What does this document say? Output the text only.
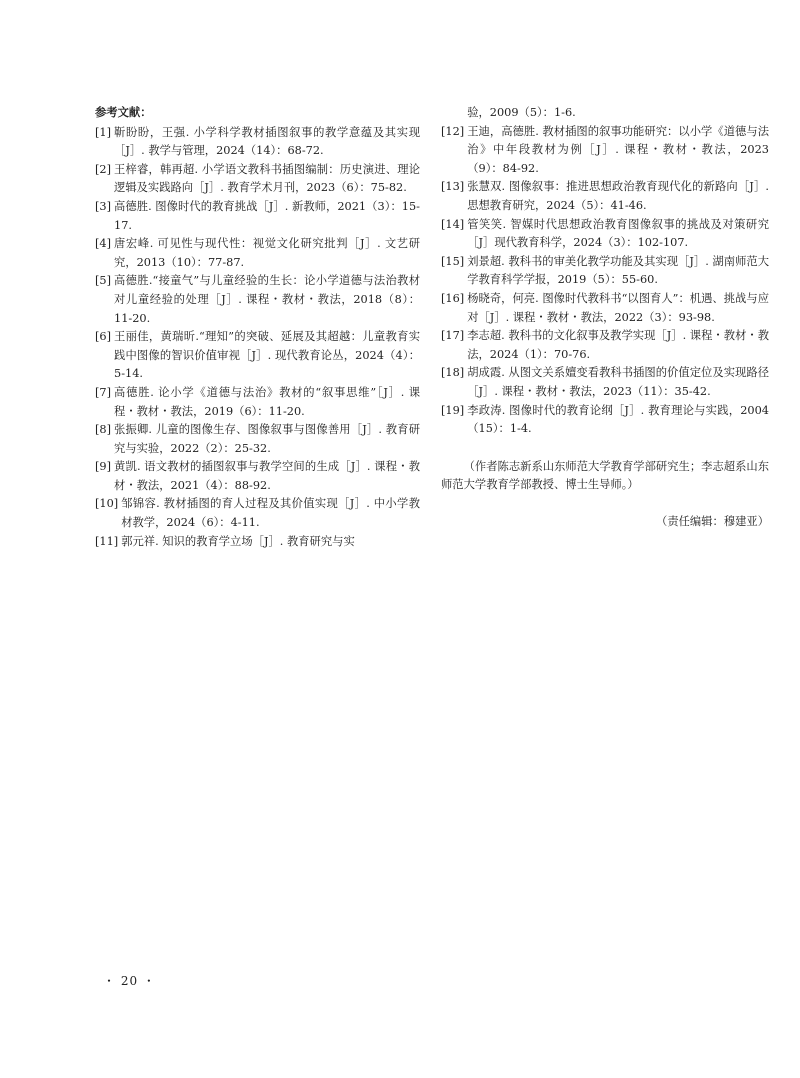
参考文献：
[1] 靳盼盼，王强. 小学科学教材插图叙事的教学意蕴及其实现［J］. 教学与管理，2024（14）：68-72.
[2] 王梓睿，韩再超. 小学语文教科书插图编制：历史演进、理论逻辑及实践路向［J］. 教育学术月刊，2023（6）：75-82.
[3] 高德胜. 图像时代的教育挑战［J］. 新教师，2021（3）：15-17.
[4] 唐宏峰. 可见性与现代性：视觉文化研究批判［J］. 文艺研究，2013（10）：77-87.
[5] 高德胜.“接童气”与儿童经验的生长：论小学道德与法治教材对儿童经验的处理［J］. 课程・教材・教法，2018（8）：11-20.
[6] 王丽佳，黄瑞昕.“理知”的突破、延展及其超越：儿童教育实践中图像的智识价值审视［J］. 现代教育论丛，2024（4）：5-14.
[7] 高德胜. 论小学《道德与法治》教材的“叙事思维”［J］. 课程・教材・教法，2019（6）：11-20.
[8] 张振卿. 儿童的图像生存、图像叙事与图像善用［J］. 教育研究与实验，2022（2）：25-32.
[9] 黄凯. 语文教材的插图叙事与教学空间的生成［J］. 课程・教材・教法，2021（4）：88-92.
[10] 邹锦容. 教材插图的育人过程及其价值实现［J］. 中小学教材教学，2024（6）：4-11.
[11] 郭元祥. 知识的教育学立场［J］. 教育研究与实
验，2009（5）：1-6.
[12] 王迪，高德胜. 教材插图的叙事功能研究：以小学《道德与法治》中年段教材为例［J］. 课程・教材・教法，2023（9）：84-92.
[13] 张慧双. 图像叙事：推进思想政治教育现代化的新路向［J］. 思想教育研究，2024（5）：41-46.
[14] 管笑笑. 智媒时代思想政治教育图像叙事的挑战及对策研究［J］现代教育科学，2024（3）：102-107.
[15] 刘景超. 教科书的审美化教学功能及其实现［J］. 湖南师范大学教育科学学报，2019（5）：55-60.
[16] 杨晓奇，何亮. 图像时代教科书“以图育人”：机遇、挑战与应对［J］. 课程・教材・教法，2022（3）：93-98.
[17] 李志超. 教科书的文化叙事及教学实现［J］. 课程・教材・教法，2024（1）：70-76.
[18] 胡成霞. 从图文关系嬗变看教科书插图的价值定位及实现路径［J］. 课程・教材・教法，2023（11）：35-42.
[19] 李政涛. 图像时代的教育论纲［J］. 教育理论与实践，2004（15）：1-4.
（作者陈志新系山东师范大学教育学部研究生；李志超系山东师范大学教育学部教授、博士生导师。）
（责任编辑：穆建亚）
・ 20 ・
